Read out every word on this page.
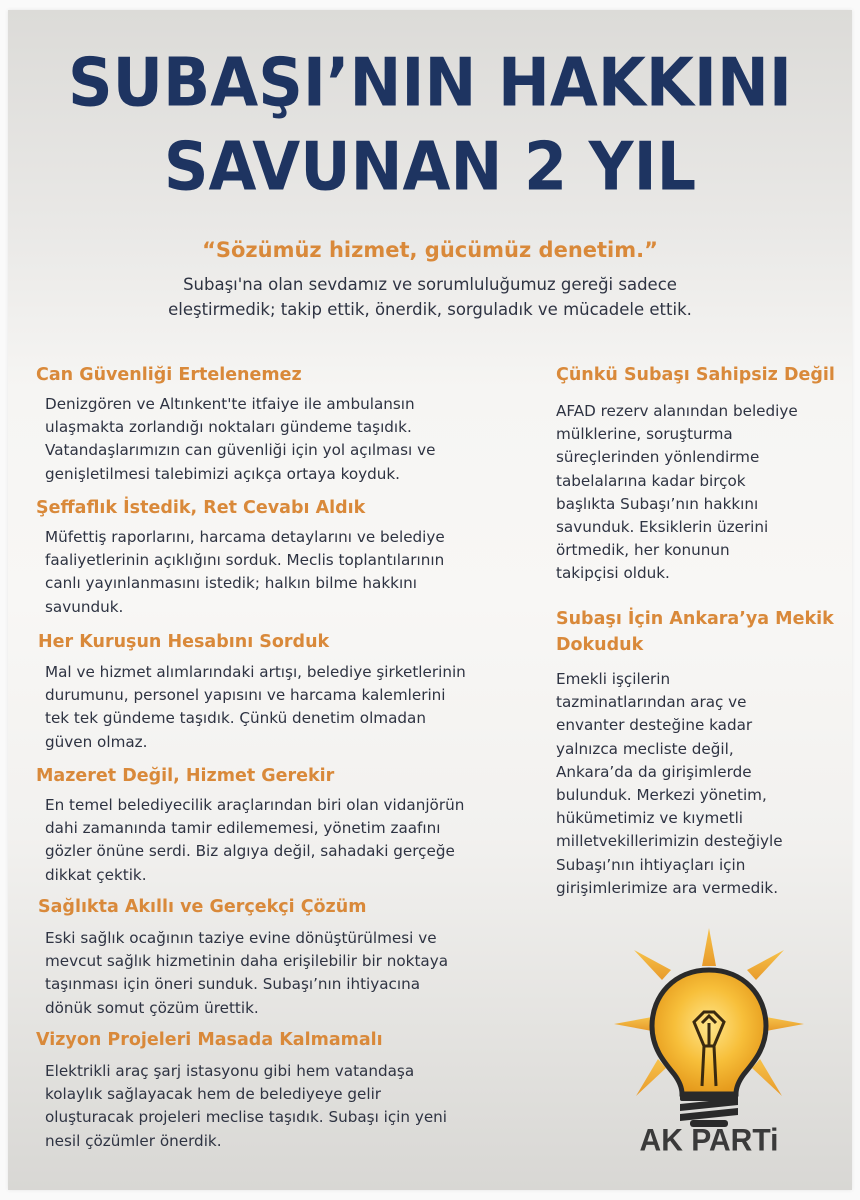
SUBAŞI’NIN HAKKINI
SAVUNAN 2 YIL
“Sözümüz hizmet, gücümüz denetim.”
Subaşı'na olan sevdamız ve sorumluluğumuz gereği sadece
eleştirmedik; takip ettik, önerdik, sorguladık ve mücadele ettik.
Can Güvenliği Ertelenemez
Denizgören ve Altınkent'te itfaiye ile ambulansın
ulaşmakta zorlandığı noktaları gündeme taşıdık.
Vatandaşlarımızın can güvenliği için yol açılması ve
genişletilmesi talebimizi açıkça ortaya koyduk.
Şeffaflık İstedik, Ret Cevabı Aldık
Müfettiş raporlarını, harcama detaylarını ve belediye
faaliyetlerinin açıklığını sorduk. Meclis toplantılarının
canlı yayınlanmasını istedik; halkın bilme hakkını
savunduk.
Her Kuruşun Hesabını Sorduk
Mal ve hizmet alımlarındaki artışı, belediye şirketlerinin
durumunu, personel yapısını ve harcama kalemlerini
tek tek gündeme taşıdık. Çünkü denetim olmadan
güven olmaz.
Mazeret Değil, Hizmet Gerekir
En temel belediyecilik araçlarından biri olan vidanjörün
dahi zamanında tamir edilememesi, yönetim zaafını
gözler önüne serdi. Biz algıya değil, sahadaki gerçeğe
dikkat çektik.
Sağlıkta Akıllı ve Gerçekçi Çözüm
Eski sağlık ocağının taziye evine dönüştürülmesi ve
mevcut sağlık hizmetinin daha erişilebilir bir noktaya
taşınması için öneri sunduk. Subaşı’nın ihtiyacına
dönük somut çözüm ürettik.
Vizyon Projeleri Masada Kalmamalı
Elektrikli araç şarj istasyonu gibi hem vatandaşa
kolaylık sağlayacak hem de belediyeye gelir
oluşturacak projeleri meclise taşıdık. Subaşı için yeni
nesil çözümler önerdik.
Çünkü Subaşı Sahipsiz Değil
AFAD rezerv alanından belediye
mülklerine, soruşturma
süreçlerinden yönlendirme
tabelalarına kadar birçok
başlıkta Subaşı’nın hakkını
savunduk. Eksiklerin üzerini
örtmedik, her konunun
takipçisi olduk.
Subaşı İçin Ankara’ya Mekik
Dokuduk
Emekli işçilerin
tazminatlarından araç ve
envanter desteğine kadar
yalnızca mecliste değil,
Ankara’da da girişimlerde
bulunduk. Merkezi yönetim,
hükümetimiz ve kıymetli
milletvekillerimizin desteğiyle
Subaşı’nın ihtiyaçları için
girişimlerimize ara vermedik.
AK PARTi
